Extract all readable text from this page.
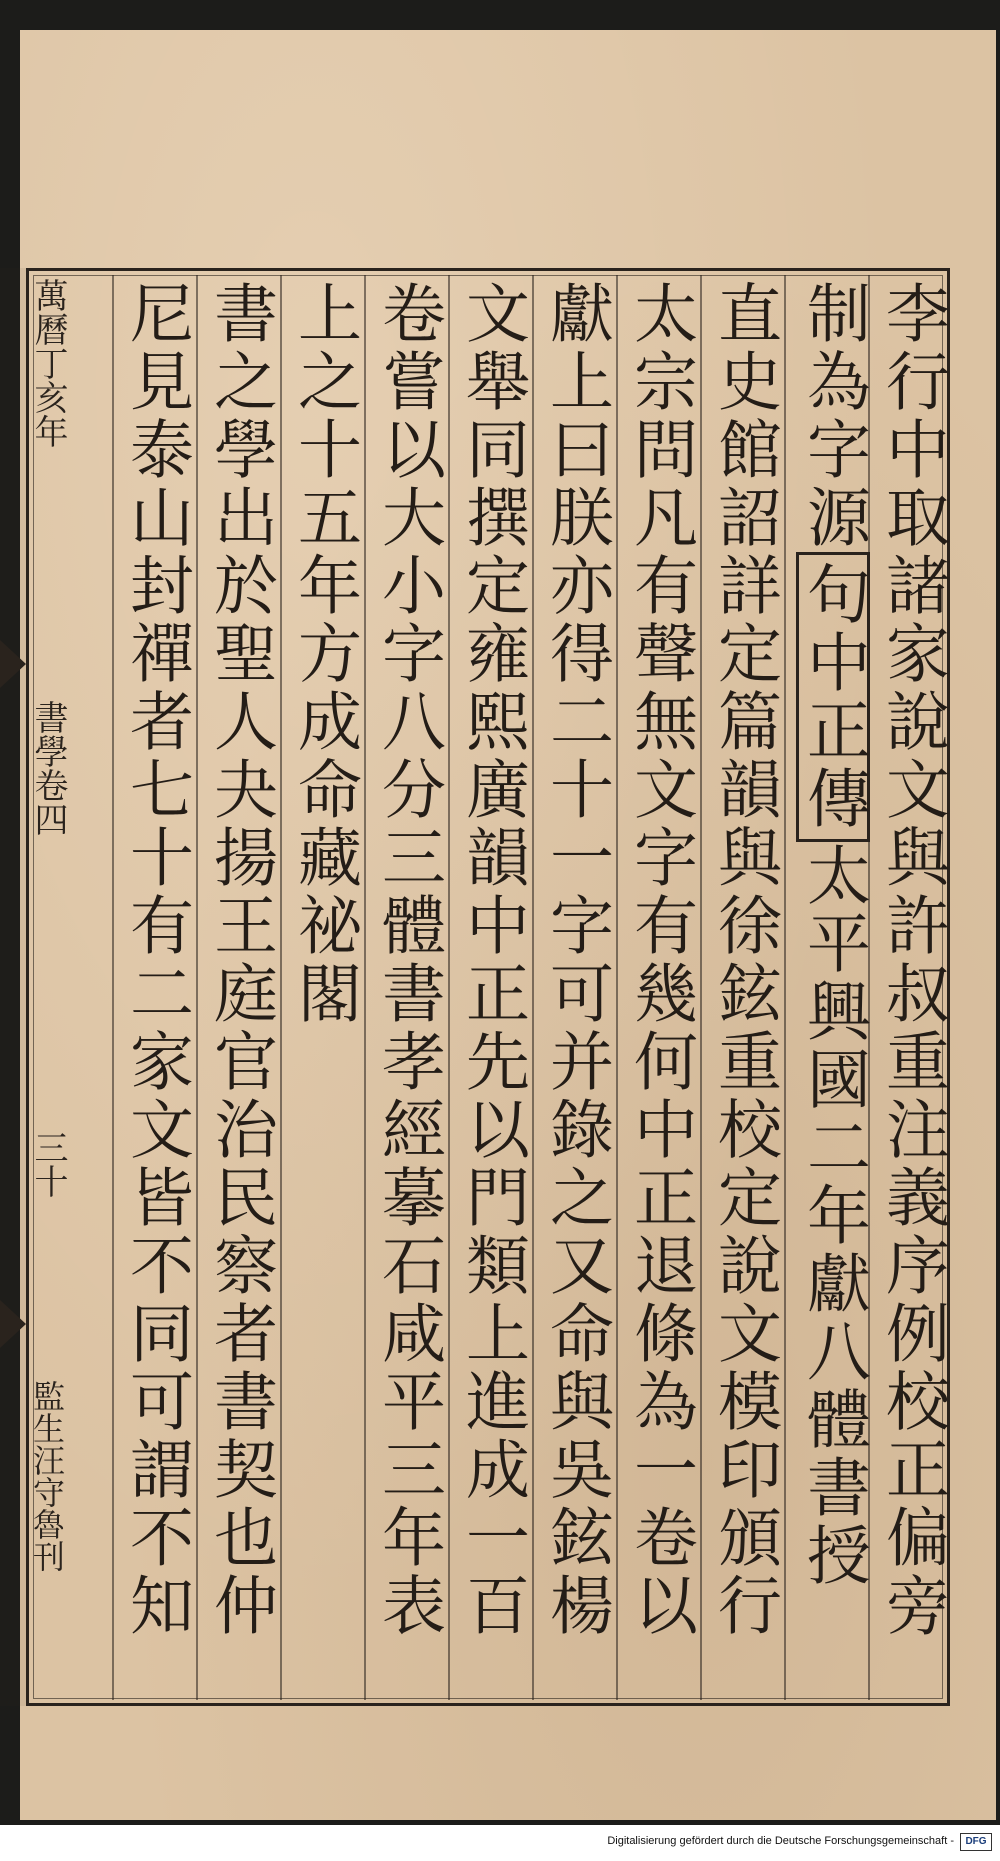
李行中取諸家說文與許叔重注義序例校正偏旁
制為字源句中正傳太平興國二年獻八體書授
直史館詔詳定篇韻與徐鉉重校定說文模印頒行
太宗問凡有聲無文字有幾何中正退條為一卷以
獻上曰朕亦得二十一字可并錄之又命與吳鉉楊
文舉同撰定雍熙廣韻中正先以門類上進成一百
卷嘗以大小字八分三體書孝經摹石咸平三年表
上之十五年方成命藏祕閣
書之學出於聖人夬揚王庭官治民察者書契也仲
尼見泰山封禪者七十有二家文皆不同可謂不知
萬曆丁亥年
書學卷四
三十
監生汪守魯刊
Digitalisierung gefördert durch die Deutsche Forschungsgemeinschaft -	DFG
